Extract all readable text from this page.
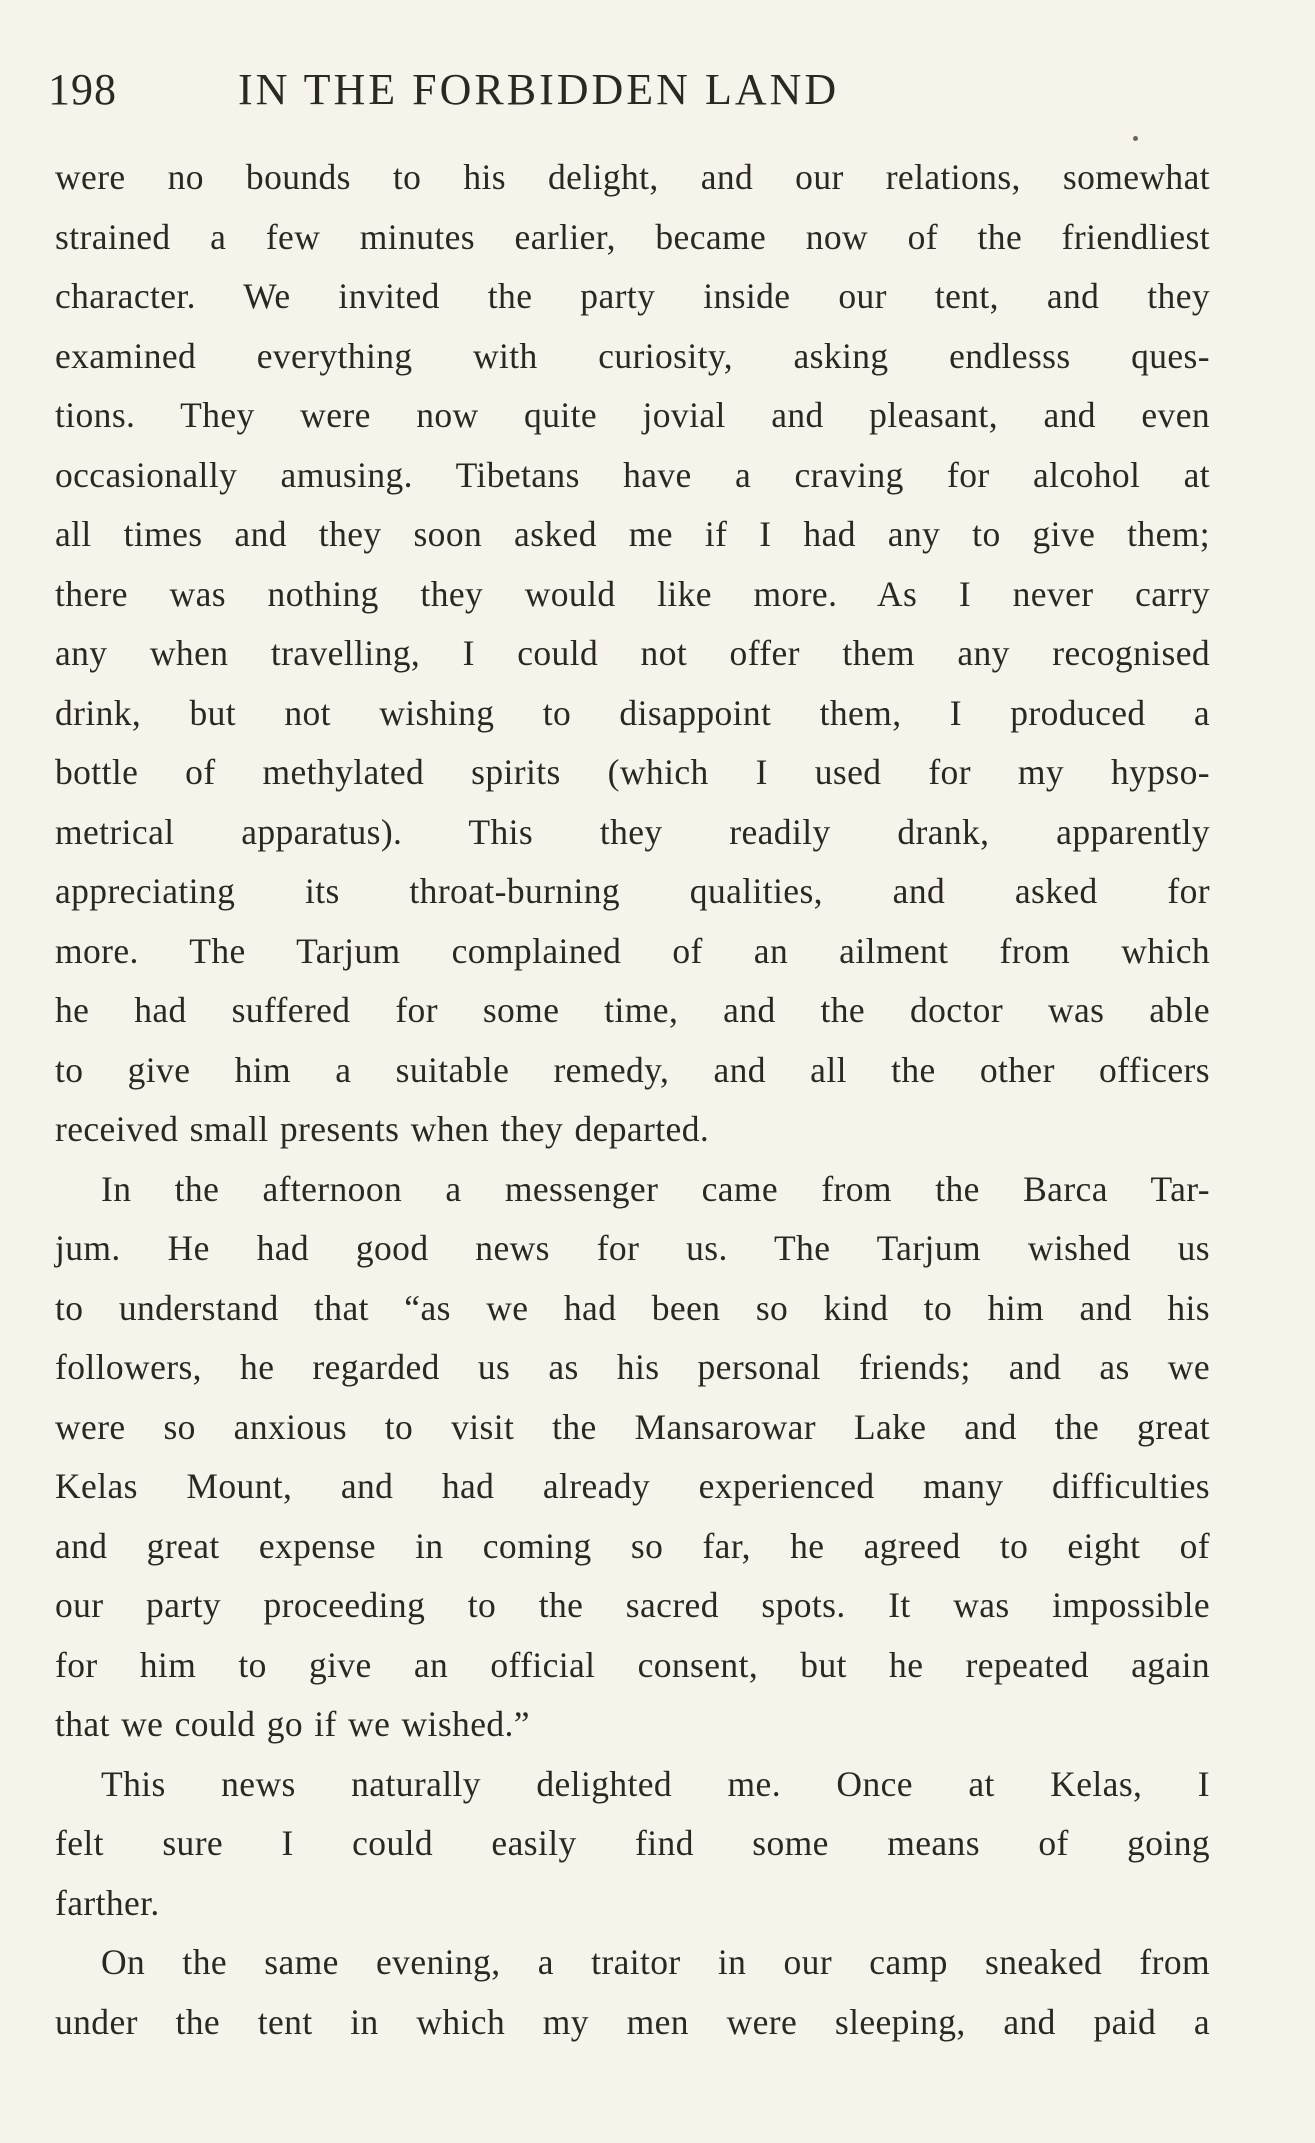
198	IN THE FORBIDDEN LAND
were no bounds to his delight, and our relations, somewhat
strained a few minutes earlier, became now of the friendliest
character. We invited the party inside our tent, and they
examined everything with curiosity, asking endlesss ques-
tions. They were now quite jovial and pleasant, and even
occasionally amusing. Tibetans have a craving for alcohol at
all times and they soon asked me if I had any to give them;
there was nothing they would like more. As I never carry
any when travelling, I could not offer them any recognised
drink, but not wishing to disappoint them, I produced a
bottle of methylated spirits (which I used for my hypso-
metrical apparatus). This they readily drank, apparently
appreciating its throat-burning qualities, and asked for
more. The Tarjum complained of an ailment from which
he had suffered for some time, and the doctor was able
to give him a suitable remedy, and all the other officers
received small presents when they departed.
In the afternoon a messenger came from the Barca Tar-
jum. He had good news for us. The Tarjum wished us
to understand that “as we had been so kind to him and his
followers, he regarded us as his personal friends; and as we
were so anxious to visit the Mansarowar Lake and the great
Kelas Mount, and had already experienced many difficulties
and great expense in coming so far, he agreed to eight of
our party proceeding to the sacred spots. It was impossible
for him to give an official consent, but he repeated again
that we could go if we wished.”
This news naturally delighted me. Once at Kelas, I
felt sure I could easily find some means of going
farther.
On the same evening, a traitor in our camp sneaked from
under the tent in which my men were sleeping, and paid a
